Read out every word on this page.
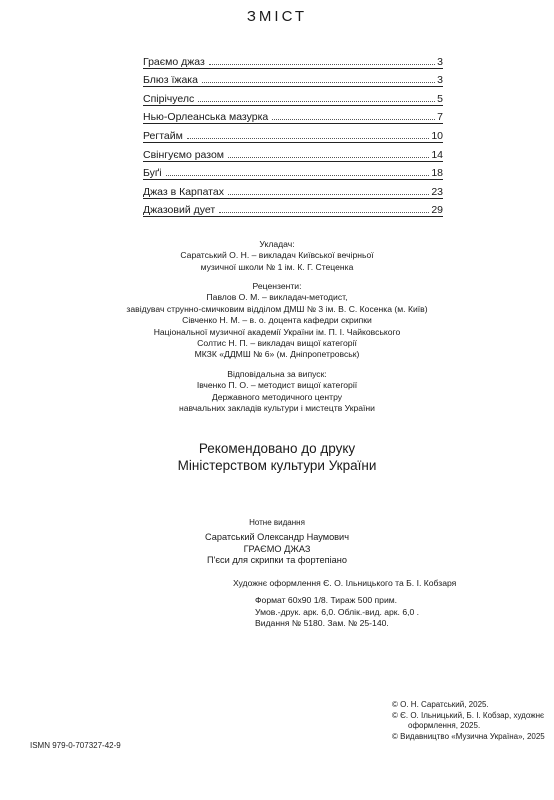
ЗМІСТ
Граємо джаз	3
Блюз їжака	3
Спірічуелс	5
Нью-Орлеанська мазурка	7
Регтайм	10
Свінгуємо разом	14
Буґі	18
Джаз в Карпатах	23
Джазовий дует	29
Укладач:
Саратський О. Н. – викладач Київської вечірньої
музичної школи № 1 ім. К. Г. Стеценка
Рецензенти:
Павлов О. М. – викладач-методист,
завідувач струнно-смичковим відділом ДМШ № 3 ім. В. С. Косенка (м. Київ)
Сівченко Н. М. – в. о. доцента кафедри скрипки
Національної музичної академії України ім. П. І. Чайковського
Солтис Н. П. – викладач вищої категорії
МКЗК «ДДМШ № 6» (м. Дніпропетровськ)
Відповідальна за випуск:
Івченко П. О. – методист вищої категорії
Державного методичного центру
навчальних закладів культури і мистецтв України
Рекомендовано до друку
Міністерством культури України
Нотне видання
Саратський Олександр Наумович
ГРАЄМО ДЖАЗ
П'єси для скрипки та фортепіано
Художнє оформлення Є. О. Ільницького та Б. І. Кобзаря
Формат 60х90 1/8. Тираж 500 прим.
Умов.-друк. арк. 6,0. Облік.-вид. арк. 6,0 .
Видання № 5180. Зам. № 25-140.
ISMN 979-0-707327-42-9
© О. Н. Саратський, 2025.
© Є. О. Ільницький, Б. І. Кобзар, художнє
оформлення, 2025.
© Видавництво «Музична Україна», 2025
